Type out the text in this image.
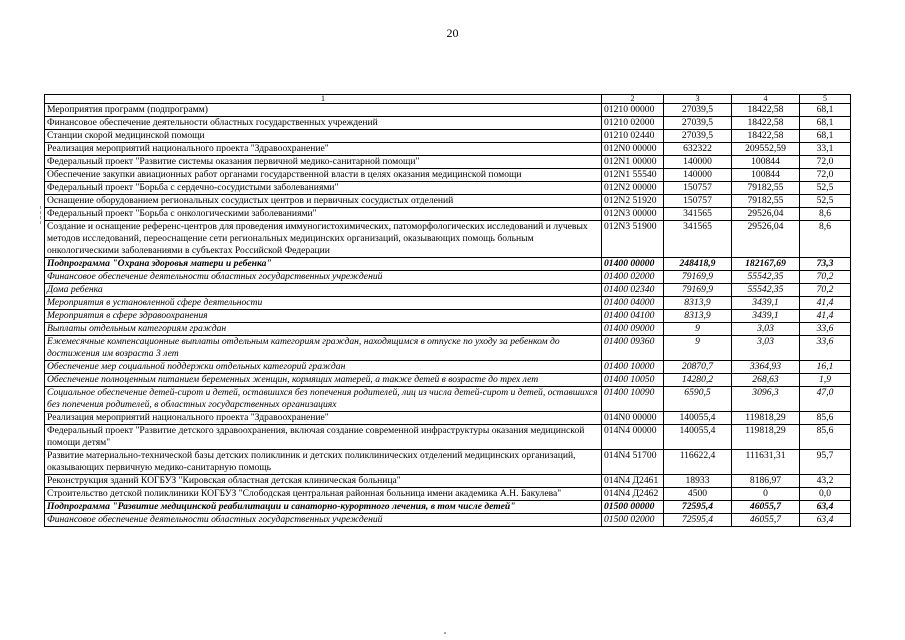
20
1	2	3	4	5
Мероприятия программ (подпрограмм)	01210 00000	27039,5	18422,58	68,1
Финансовое обеспечение деятельности областных государственных учреждений	01210 02000	27039,5	18422,58	68,1
Станции скорой медицинской помощи	01210 02440	27039,5	18422,58	68,1
Реализация мероприятий национального проекта "Здравоохранение"	012N0 00000	632322	209552,59	33,1
Федеральный проект "Развитие системы оказания первичной медико-санитарной помощи"	012N1 00000	140000	100844	72,0
Обеспечение закупки авиационных работ органами государственной власти в целях оказания медицинской помощи	012N1 55540	140000	100844	72,0
Федеральный проект "Борьба с сердечно-сосудистыми заболеваниями"	012N2 00000	150757	79182,55	52,5
Оснащение оборудованием региональных сосудистых центров и первичных сосудистых отделений	012N2 51920	150757	79182,55	52,5
Федеральный проект "Борьба с онкологическими заболеваниями"	012N3 00000	341565	29526,04	8,6
Создание и оснащение референс-центров для проведения иммуногистохимических, патоморфологических исследований и лучевых методов исследований, переоснащение сети региональных медицинских организаций, оказывающих помощь больным онкологическими заболеваниями в субъектах Российской Федерации	012N3 51900	341565	29526,04	8,6
Подпрограмма "Охрана здоровья матери и ребенка"	01400 00000	248418,9	182167,69	73,3
Финансовое обеспечение деятельности областных государственных учреждений	01400 02000	79169,9	55542,35	70,2
Дома ребенка	01400 02340	79169,9	55542,35	70,2
Мероприятия в установленной сфере деятельности	01400 04000	8313,9	3439,1	41,4
Мероприятия в сфере здравоохранения	01400 04100	8313,9	3439,1	41,4
Выплаты отдельным категориям граждан	01400 09000	9	3,03	33,6
Ежемесячные компенсационные выплаты отдельным категориям граждан, находящимся в отпуске по уходу за ребенком до достижения им возраста 3 лет	01400 09360	9	3,03	33,6
Обеспечение мер социальной поддержки отдельных категорий граждан	01400 10000	20870,7	3364,93	16,1
Обеспечение полноценным питанием беременных женщин, кормящих матерей, а также детей в возрасте до трех лет	01400 10050	14280,2	268,63	1,9
Социальное обеспечение детей-сирот и детей, оставшихся без попечения родителей, лиц из числа детей-сирот и детей, оставшихся без попечения родителей, в областных государственных организациях	01400 10090	6590,5	3096,3	47,0
Реализация мероприятий национального проекта "Здравоохранение"	014N0 00000	140055,4	119818,29	85,6
Федеральный проект "Развитие детского здравоохранения, включая создание современной инфраструктуры оказания медицинской помощи детям"	014N4 00000	140055,4	119818,29	85,6
Развитие материально-технической базы детских поликлиник и детских поликлинических отделений медицинских организаций, оказывающих первичную медико-санитарную помощь	014N4 51700	116622,4	111631,31	95,7
Реконструкция зданий КОГБУЗ "Кировская областная детская клиническая больница"	014N4 Д2461	18933	8186,97	43,2
Строительство детской поликлиники КОГБУЗ "Слободская центральная районная больница имени академика А.Н. Бакулева"	014N4 Д2462	4500	0	0,0
Подпрограмма "Развитие медицинской реабилитации и санаторно-курортного лечения, в том числе детей"	01500 00000	72595,4	46055,7	63,4
Финансовое обеспечение деятельности областных государственных учреждений	01500 02000	72595,4	46055,7	63,4
